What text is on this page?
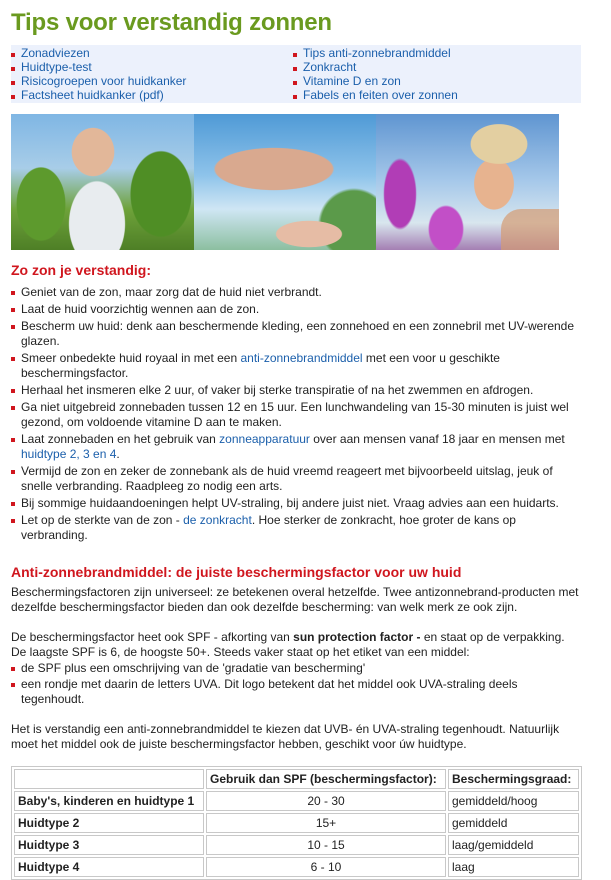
Tips voor verstandig zonnen
Zonadviezen
Huidtype-test
Risicogroepen voor huidkanker
Factsheet huidkanker (pdf)
Tips anti-zonnebrandmiddel
Zonkracht
Vitamine D en zon
Fabels en feiten over zonnen
Zo zon je verstandig:
Geniet van de zon, maar zorg dat de huid niet verbrandt.
Laat de huid voorzichtig wennen aan de zon.
Bescherm uw huid: denk aan beschermende kleding, een zonnehoed en een zonnebril met UV-werende glazen.
Smeer onbedekte huid royaal in met een anti-zonnebrandmiddel met een voor u geschikte beschermingsfactor.
Herhaal het insmeren elke 2 uur, of vaker bij sterke transpiratie of na het zwemmen en afdrogen.
Ga niet uitgebreid zonnebaden tussen 12 en 15 uur. Een lunchwandeling van 15-30 minuten is juist wel gezond, om voldoende vitamine D aan te maken.
Laat zonnebaden en het gebruik van zonneapparatuur over aan mensen vanaf 18 jaar en mensen met huidtype 2, 3 en 4.
Vermijd de zon en zeker de zonnebank als de huid vreemd reageert met bijvoorbeeld uitslag, jeuk of snelle verbranding. Raadpleeg zo nodig een arts.
Bij sommige huidaandoeningen helpt UV-straling, bij andere juist niet. Vraag advies aan een huidarts.
Let op de sterkte van de zon - de zonkracht. Hoe sterker de zonkracht, hoe groter de kans op verbranding.
Anti-zonnebrandmiddel: de juiste beschermingsfactor voor uw huid

Beschermingsfactoren zijn universeel: ze betekenen overal hetzelfde. Twee antizonnebrand-producten met dezelfde beschermingsfactor bieden dan ook dezelfde bescherming: van welk merk ze ook zijn.

De beschermingsfactor heet ook SPF - afkorting van sun protection factor - en staat op de verpakking. De laagste SPF is 6, de hoogste 50+. Steeds vaker staat op het etiket van een middel:

de SPF plus een omschrijving van de 'gradatie van bescherming'
een rondje met daarin de letters UVA. Dit logo betekent dat het middel ook UVA-straling deels tegenhoudt.

Het is verstandig een anti-zonnebrandmiddel te kiezen dat UVB- én UVA-straling tegenhoudt. Natuurlijk moet het middel ook de juiste beschermingsfactor hebben, geschikt voor úw huidtype.

	Gebruik dan SPF (beschermingsfactor):	Beschermingsgraad:
Baby's, kinderen en huidtype 1	20 - 30	gemiddeld/hoog
Huidtype 2	15+	gemiddeld
Huidtype 3	10 - 15	laag/gemiddeld
Huidtype 4	6 - 10	laag
